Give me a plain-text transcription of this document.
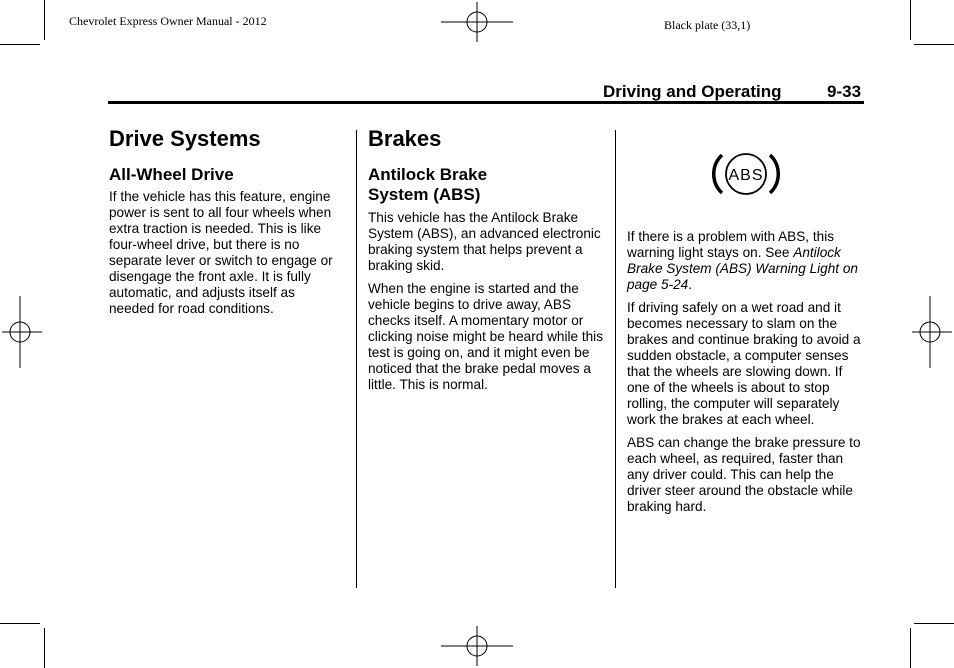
Chevrolet Express Owner Manual - 2012	Black plate (33,1)
Driving and Operating	9-33
Drive Systems
All-Wheel Drive

If the vehicle has this feature, engine power is sent to all four wheels when extra traction is needed. This is like four-wheel drive, but there is no separate lever or switch to engage or disengage the front axle. It is fully automatic, and adjusts itself as needed for road conditions.

Brakes
Antilock Brake
System (ABS)

This vehicle has the Antilock Brake System (ABS), an advanced electronic braking system that helps prevent a braking skid.

When the engine is started and the vehicle begins to drive away, ABS checks itself. A momentary motor or clicking noise might be heard while this test is going on, and it might even be noticed that the brake pedal moves a little. This is normal.

ABS

If there is a problem with ABS, this warning light stays on. See Antilock Brake System (ABS) Warning Light on page 5-24.

If driving safely on a wet road and it becomes necessary to slam on the brakes and continue braking to avoid a sudden obstacle, a computer senses that the wheels are slowing down. If one of the wheels is about to stop rolling, the computer will separately work the brakes at each wheel.

ABS can change the brake pressure to each wheel, as required, faster than any driver could. This can help the driver steer around the obstacle while braking hard.
